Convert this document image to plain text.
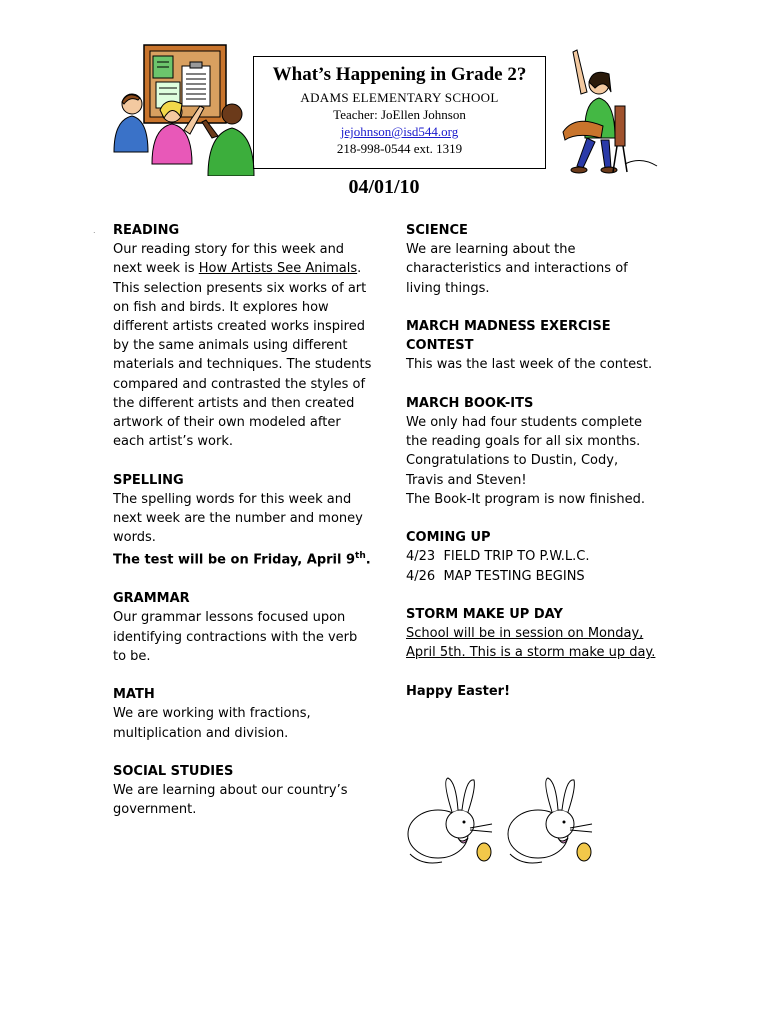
.
What’s Happening in Grade 2?
ADAMS ELEMENTARY SCHOOL
Teacher: JoEllen Johnson
jejohnson@isd544.org
218-998-0544 ext. 1319
04/01/10
READING
Our reading story for this week and next week is How Artists See Animals. This selection presents six works of art on fish and birds. It explores how different artists created works inspired by the same animals using different materials and techniques. The students compared and contrasted the styles of the different artists and then created artwork of their own modeled after each artist’s work.
SPELLING
The spelling words for this week and next week are the number and money words.
The test will be on Friday, April 9th.
GRAMMAR
Our grammar lessons focused upon identifying contractions with the verb to be.
MATH
We are working with fractions, multiplication and division.
SOCIAL STUDIES
We are learning about our country’s government.
SCIENCE
We are learning about the characteristics and interactions of living things.
MARCH MADNESS EXERCISE CONTEST
This was the last week of the contest.
MARCH BOOK-ITS
We only had four students complete the reading goals for all six months. Congratulations to Dustin, Cody, Travis and Steven!
The Book-It program is now finished.
COMING UP
4/23  FIELD TRIP TO P.W.L.C.
4/26  MAP TESTING BEGINS
STORM MAKE UP DAY
School will be in session on Monday, April 5th. This is a storm make up day.
Happy Easter!
